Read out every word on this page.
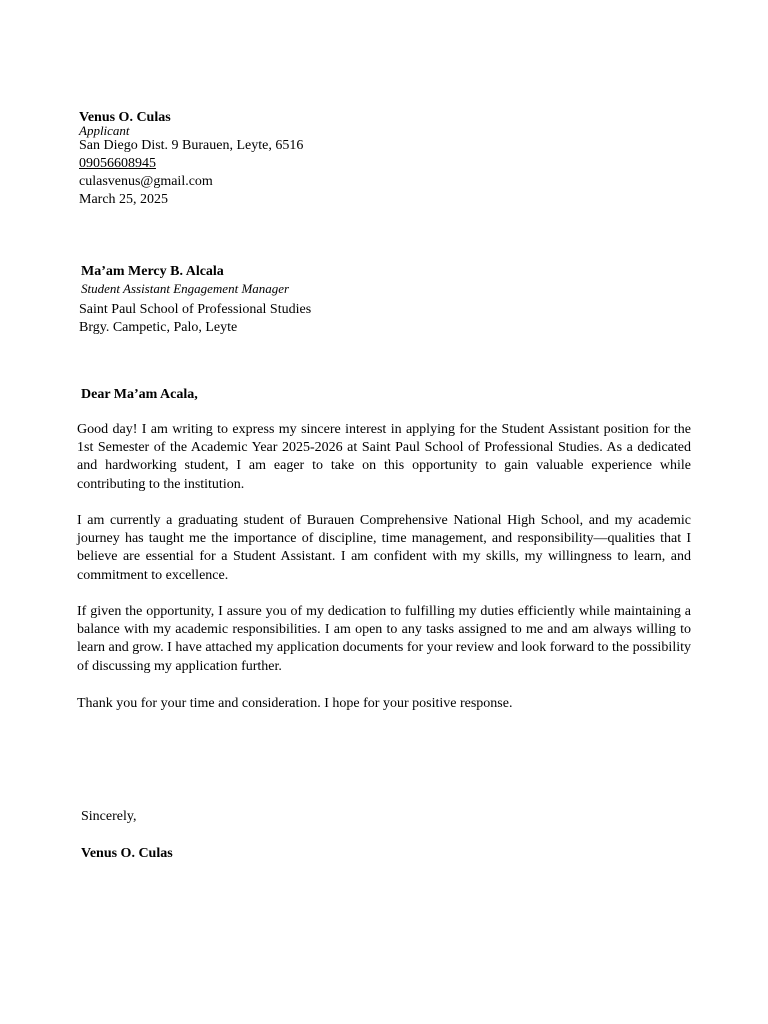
Venus O. Culas
Applicant
San Diego Dist. 9 Burauen, Leyte, 6516
09056608945
culasvenus@gmail.com
March 25, 2025
Ma’am Mercy B. Alcala
Student Assistant Engagement Manager
Saint Paul School of Professional Studies
Brgy. Campetic, Palo, Leyte
Dear Ma’am Acala,

Good day! I am writing to express my sincere interest in applying for the Student Assistant position for the 1st Semester of the Academic Year 2025-2026 at Saint Paul School of Professional Studies. As a dedicated and hardworking student, I am eager to take on this opportunity to gain valuable experience while contributing to the institution.

I am currently a graduating student of Burauen Comprehensive National High School, and my academic journey has taught me the importance of discipline, time management, and responsibility—qualities that I believe are essential for a Student Assistant. I am confident with my skills, my willingness to learn, and commitment to excellence.

If given the opportunity, I assure you of my dedication to fulfilling my duties efficiently while maintaining a balance with my academic responsibilities. I am open to any tasks assigned to me and am always willing to learn and grow. I have attached my application documents for your review and look forward to the possibility of discussing my application further.

Thank you for your time and consideration. I hope for your positive response.

Sincerely,
Venus O. Culas
